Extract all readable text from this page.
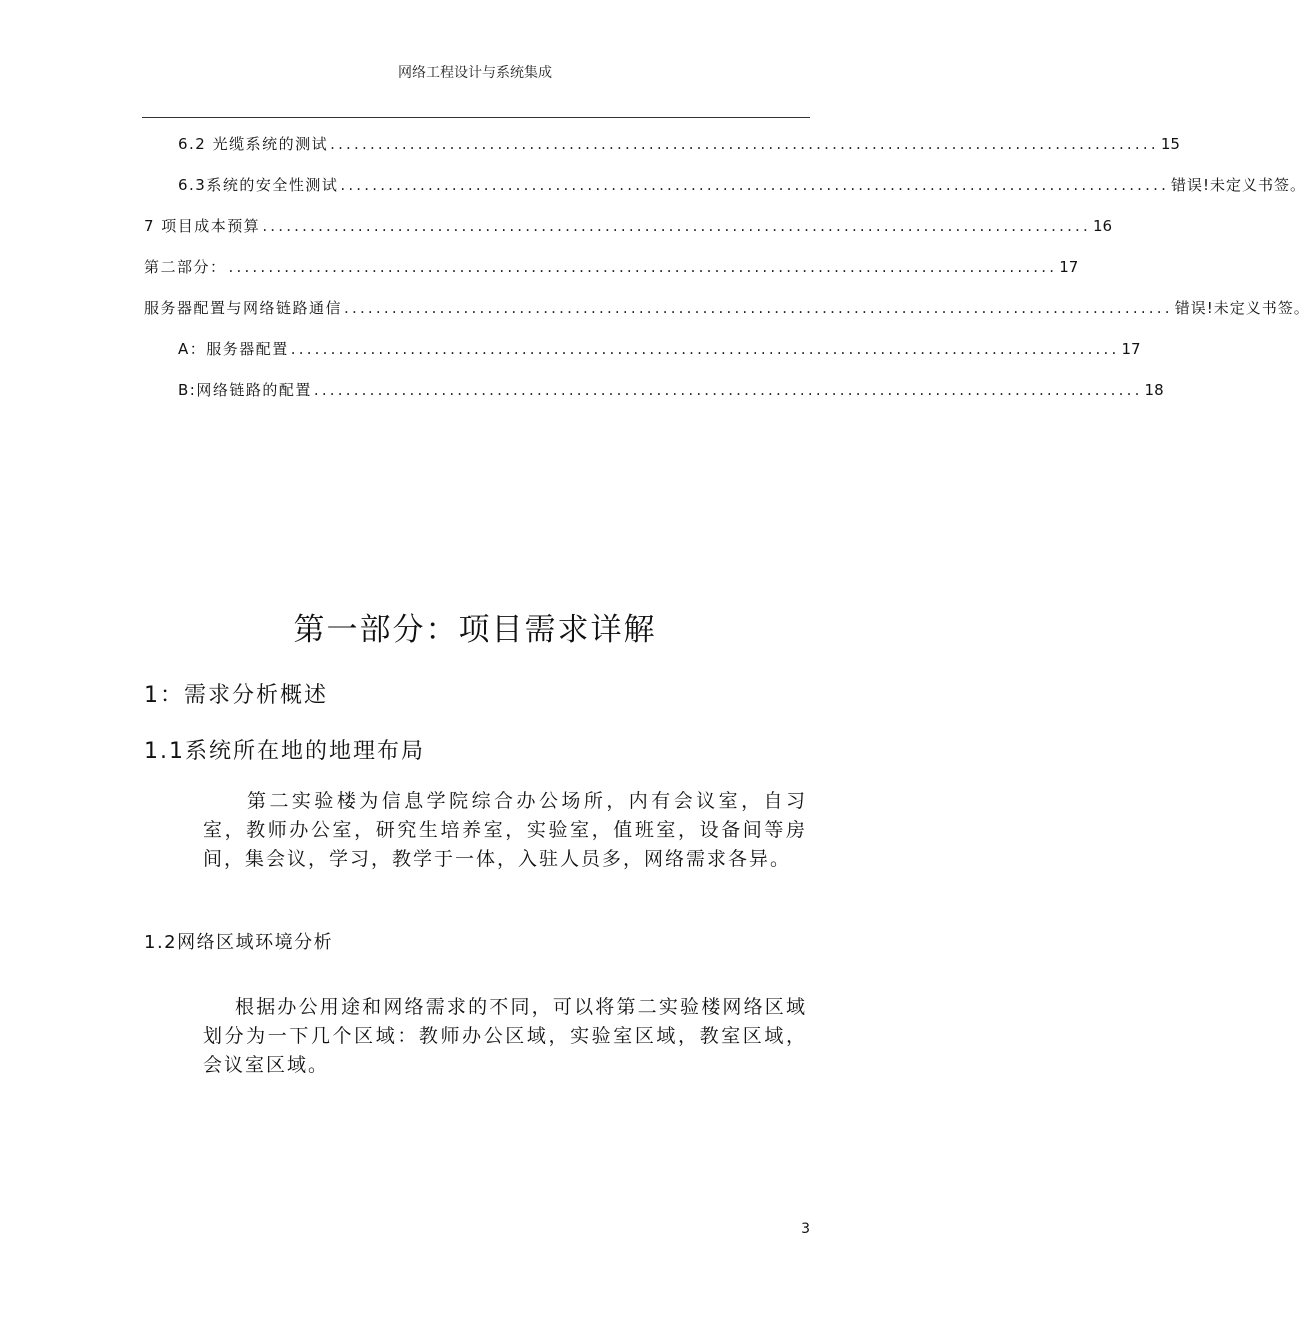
网络工程设计与系统集成
6.2 光缆系统的测试 ........................................................................................................ 15
6.3系统的安全性测试 ........................................................................................................ 错误!未定义书签。
7 项目成本预算 ........................................................................................................ 16
第二部分： ........................................................................................................ 17
服务器配置与网络链路通信 ........................................................................................................ 错误!未定义书签。
A：服务器配置 ........................................................................................................ 17
B:网络链路的配置 ........................................................................................................ 18
第一部分：项目需求详解
1：需求分析概述
1.1系统所在地的地理布局
第二实验楼为信息学院综合办公场所，内有会议室，自习室，教师办公室，研究生培养室，实验室，值班室，设备间等房间，集会议，学习，教学于一体，入驻人员多，网络需求各异。
1.2网络区域环境分析
根据办公用途和网络需求的不同，可以将第二实验楼网络区域划分为一下几个区域：教师办公区域，实验室区域，教室区域，会议室区域。
3
